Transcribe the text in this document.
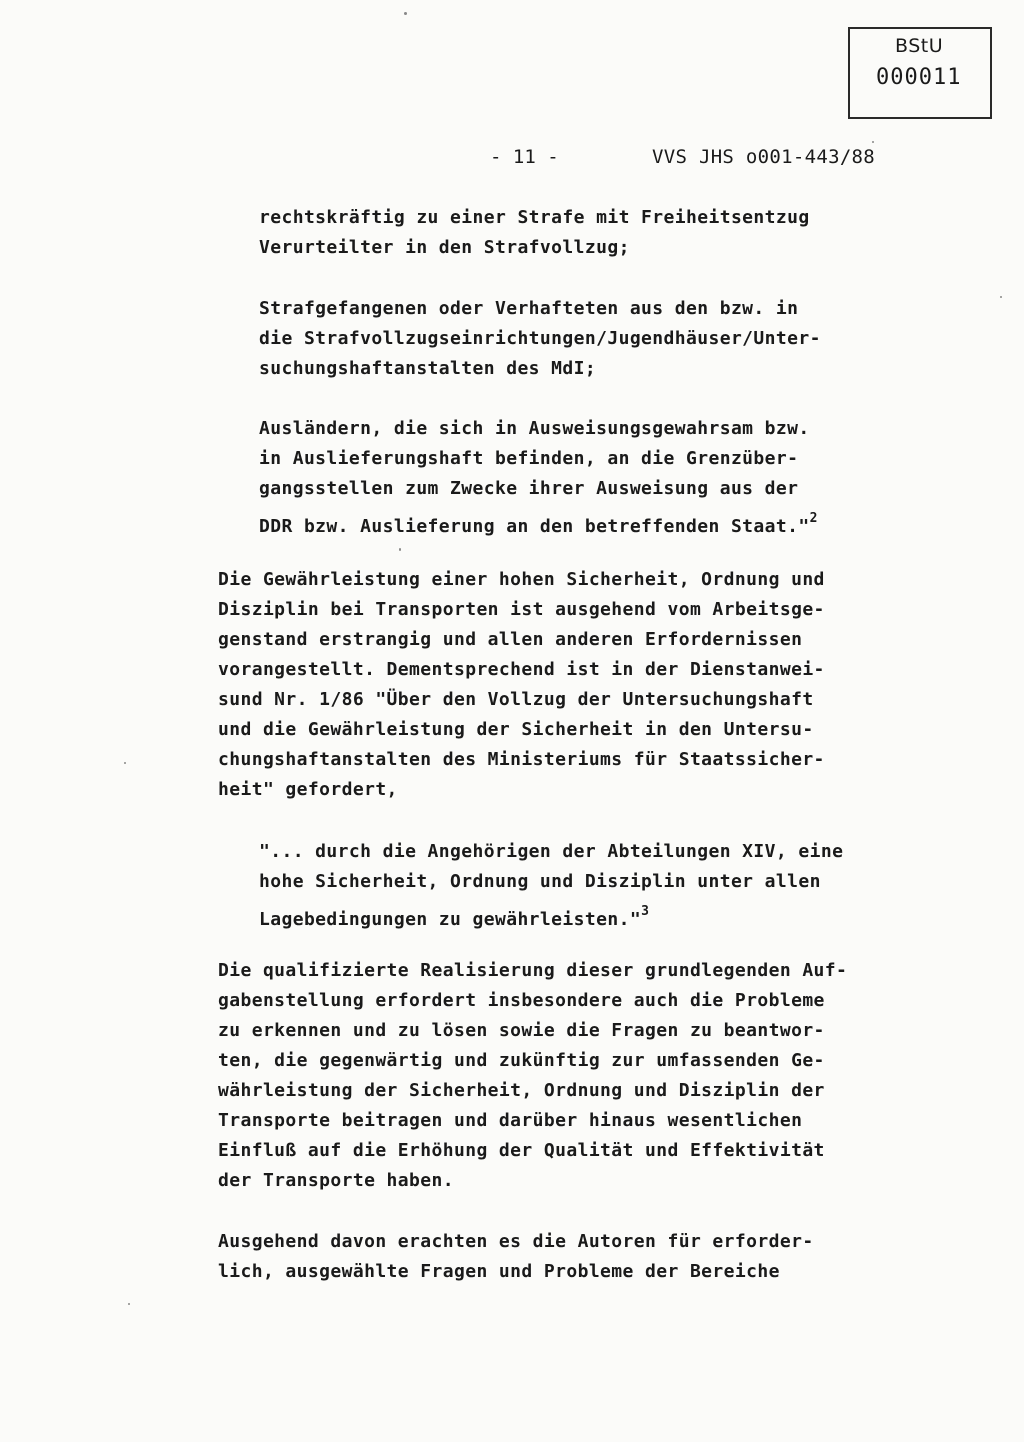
BStU
000011
- 11 -	VVS JHS o001-443/88
rechtskräftig zu einer Strafe mit Freiheitsentzug
Verurteilter in den Strafvollzug;
Strafgefangenen oder Verhafteten aus den bzw. in
die Strafvollzugseinrichtungen/Jugendhäuser/Unter-
suchungshaftanstalten des MdI;
Ausländern, die sich in Ausweisungsgewahrsam bzw.
in Auslieferungshaft befinden, an die Grenzüber-
gangsstellen zum Zwecke ihrer Ausweisung aus der
DDR bzw. Auslieferung an den betreffenden Staat."$^2$
Die Gewährleistung einer hohen Sicherheit, Ordnung und
Disziplin bei Transporten ist ausgehend vom Arbeitsge-
genstand erstrangig und allen anderen Erfordernissen
vorangestellt. Dementsprechend ist in der Dienstanwei-
sund Nr. 1/86 "Über den Vollzug der Untersuchungshaft
und die Gewährleistung der Sicherheit in den Untersu-
chungshaftanstalten des Ministeriums für Staatssicher-
heit" gefordert,
"... durch die Angehörigen der Abteilungen XIV, eine
hohe Sicherheit, Ordnung und Disziplin unter allen
Lagebedingungen zu gewährleisten."$^3$
Die qualifizierte Realisierung dieser grundlegenden Auf-
gabenstellung erfordert insbesondere auch die Probleme
zu erkennen und zu lösen sowie die Fragen zu beantwor-
ten, die gegenwärtig und zukünftig zur umfassenden Ge-
währleistung der Sicherheit, Ordnung und Disziplin der
Transporte beitragen und darüber hinaus wesentlichen
Einfluß auf die Erhöhung der Qualität und Effektivität
der Transporte haben.
Ausgehend davon erachten es die Autoren für erforder-
lich, ausgewählte Fragen und Probleme der Bereiche
